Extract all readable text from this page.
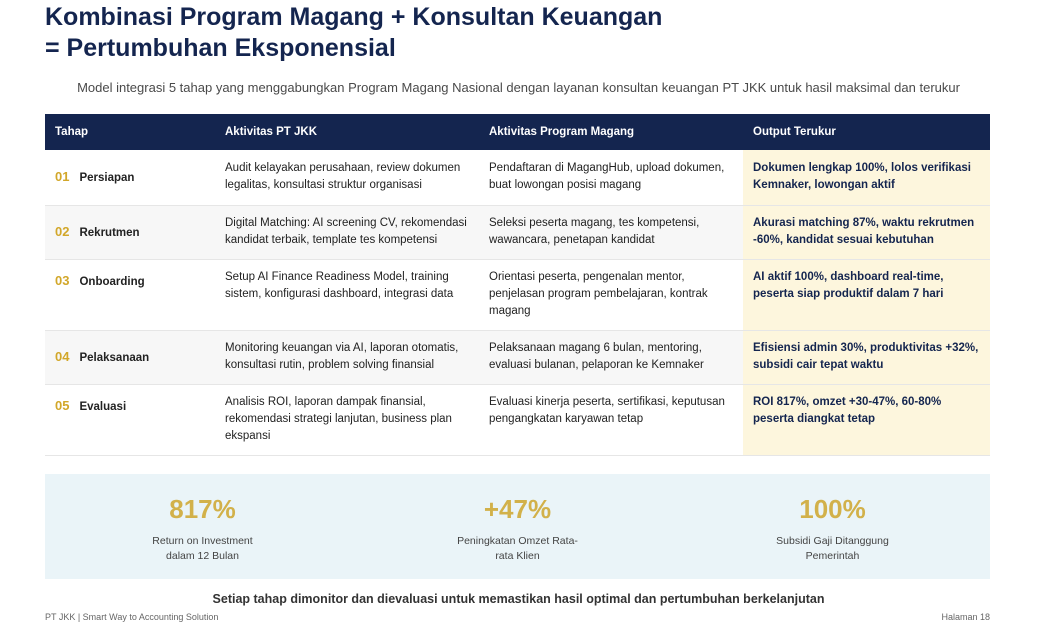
Kombinasi Program Magang + Konsultan Keuangan
= Pertumbuhan Eksponensial
Model integrasi 5 tahap yang menggabungkan Program Magang Nasional dengan layanan konsultan keuangan PT JKK untuk hasil maksimal dan terukur
Tahap	Aktivitas PT JKK	Aktivitas Program Magang	Output Terukur
01 Persiapan	Audit kelayakan perusahaan, review dokumen legalitas, konsultasi struktur organisasi	Pendaftaran di MagangHub, upload dokumen, buat lowongan posisi magang	Dokumen lengkap 100%, lolos verifikasi Kemnaker, lowongan aktif
02 Rekrutmen	Digital Matching: AI screening CV, rekomendasi kandidat terbaik, template tes kompetensi	Seleksi peserta magang, tes kompetensi, wawancara, penetapan kandidat	Akurasi matching 87%, waktu rekrutmen -60%, kandidat sesuai kebutuhan
03 Onboarding	Setup AI Finance Readiness Model, training sistem, konfigurasi dashboard, integrasi data	Orientasi peserta, pengenalan mentor, penjelasan program pembelajaran, kontrak magang	AI aktif 100%, dashboard real-time, peserta siap produktif dalam 7 hari
04 Pelaksanaan	Monitoring keuangan via AI, laporan otomatis, konsultasi rutin, problem solving finansial	Pelaksanaan magang 6 bulan, mentoring, evaluasi bulanan, pelaporan ke Kemnaker	Efisiensi admin 30%, produktivitas +32%, subsidi cair tepat waktu
05 Evaluasi	Analisis ROI, laporan dampak finansial, rekomendasi strategi lanjutan, business plan ekspansi	Evaluasi kinerja peserta, sertifikasi, keputusan pengangkatan karyawan tetap	ROI 817%, omzet +30-47%, 60-80% peserta diangkat tetap
817%
Return on Investment dalam 12 Bulan
+47%
Peningkatan Omzet Rata-rata Klien
100%
Subsidi Gaji Ditanggung Pemerintah
Setiap tahap dimonitor dan dievaluasi untuk memastikan hasil optimal dan pertumbuhan berkelanjutan
PT JKK | Smart Way to Accounting Solution	Halaman 18
